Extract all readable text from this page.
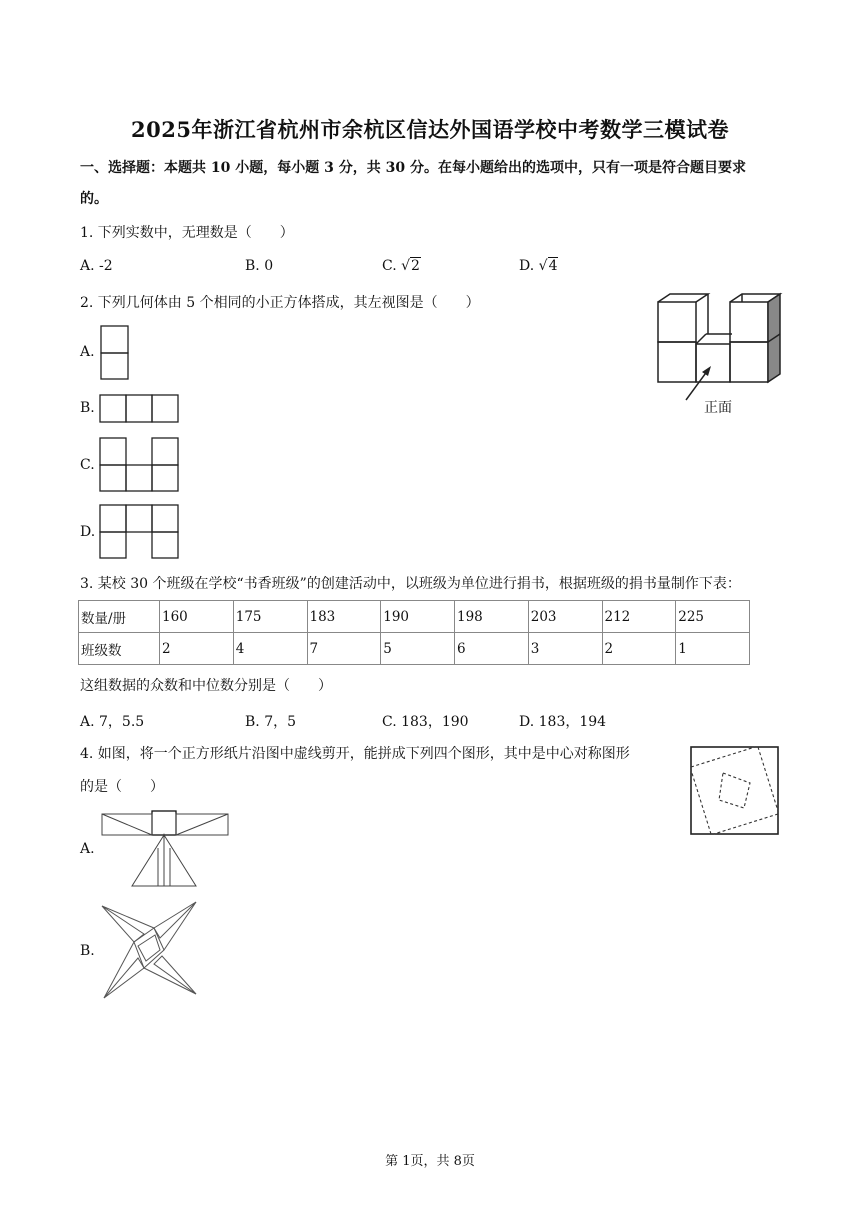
2025年浙江省杭州市余杭区信达外国语学校中考数学三模试卷
一、选择题：本题共 10 小题，每小题 3 分，共 30 分。在每小题给出的选项中，只有一项是符合题目要求
的。
1. 下列实数中，无理数是（　　）
A. -2	B. 0	C. √2	D. √4
2. 下列几何体由 5 个相同的小正方体搭成，其左视图是（　　）
正面
A.
B.
C.
D.
3. 某校 30 个班级在学校“书香班级”的创建活动中，以班级为单位进行捐书，根据班级的捐书量制作下表：
数量/册	160	175	183	190	198	203	212	225
班级数	2	4	7	5	6	3	2	1
这组数据的众数和中位数分别是（　　）
A. 7，5.5	B. 7，5	C. 183，190	D. 183，194
4. 如图，将一个正方形纸片沿图中虚线剪开，能拼成下列四个图形，其中是中心对称图形
的是（　　）
A.
B.
第 1页，共 8页
